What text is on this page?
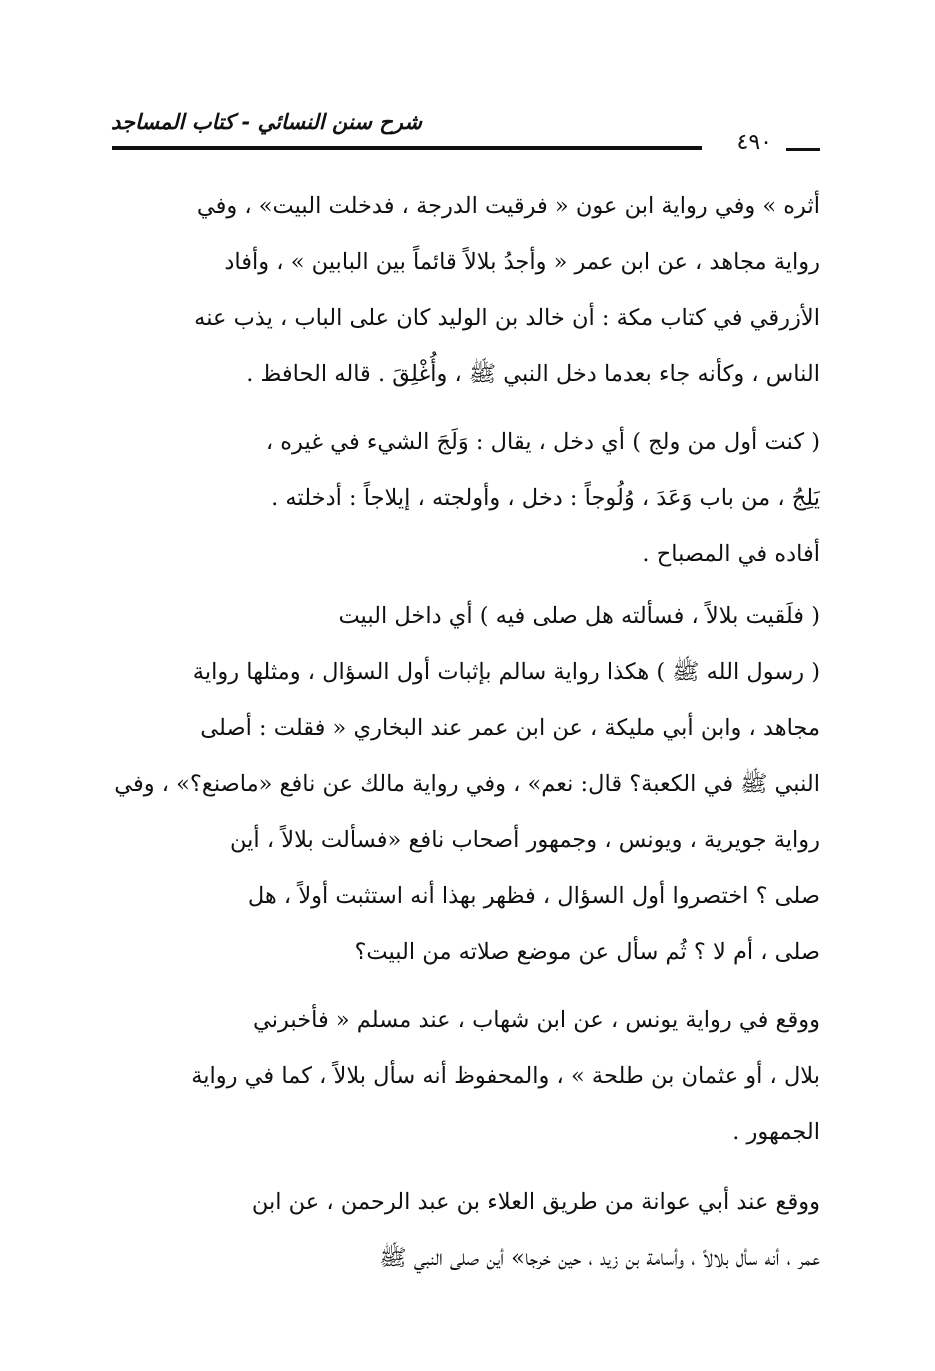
شرح سنن النسائي - كتاب المساجد
٤٩٠
أثره » وفي رواية ابن عون « فرقيت الدرجة ، فدخلت البيت» ، وفي
رواية مجاهد ، عن ابن عمر « وأجدُ بلالاً قائماً بين البابين » ، وأفاد
الأزرقي في كتاب مكة : أن خالد بن الوليد كان على الباب ، يذب عنه
الناس ، وكأنه جاء بعدما دخل النبي ﷺ ، وأُغْلِقَ . قاله الحافظ .
( كنت أول من ولج ) أي دخل ، يقال : وَلَجَ الشيء في غيره ،
يَلِجُ ، من باب وَعَدَ ، وُلُوجاً : دخل ، وأولجته ، إيلاجاً : أدخلته .
أفاده في المصباح .
( فلَقيت بلالاً ، فسألته هل صلى فيه ) أي داخل البيت
( رسول الله ﷺ ) هكذا رواية سالم بإثبات أول السؤال ، ومثلها رواية
مجاهد ، وابن أبي مليكة ، عن ابن عمر عند البخاري « فقلت : أصلى
النبي ﷺ في الكعبة؟ قال: نعم» ، وفي رواية مالك عن نافع «ماصنع؟» ، وفي
رواية جويرية ، ويونس ، وجمهور أصحاب نافع «فسألت بلالاً ، أين
صلى ؟ اختصروا أول السؤال ، فظهر بهذا أنه استثبت أولاً ، هل
صلى ، أم لا ؟ ثُم سأل عن موضع صلاته من البيت؟
ووقع في رواية يونس ، عن ابن شهاب ، عند مسلم « فأخبرني
بلال ، أو عثمان بن طلحة » ، والمحفوظ أنه سأل بلالاً ، كما في رواية
الجمهور .
ووقع عند أبي عوانة من طريق العلاء بن عبد الرحمن ، عن ابن
عمر ، أنه سأل بلالاً ، وأسامة بن زيد ، حين خرجا» أين صلى النبي ﷺ
